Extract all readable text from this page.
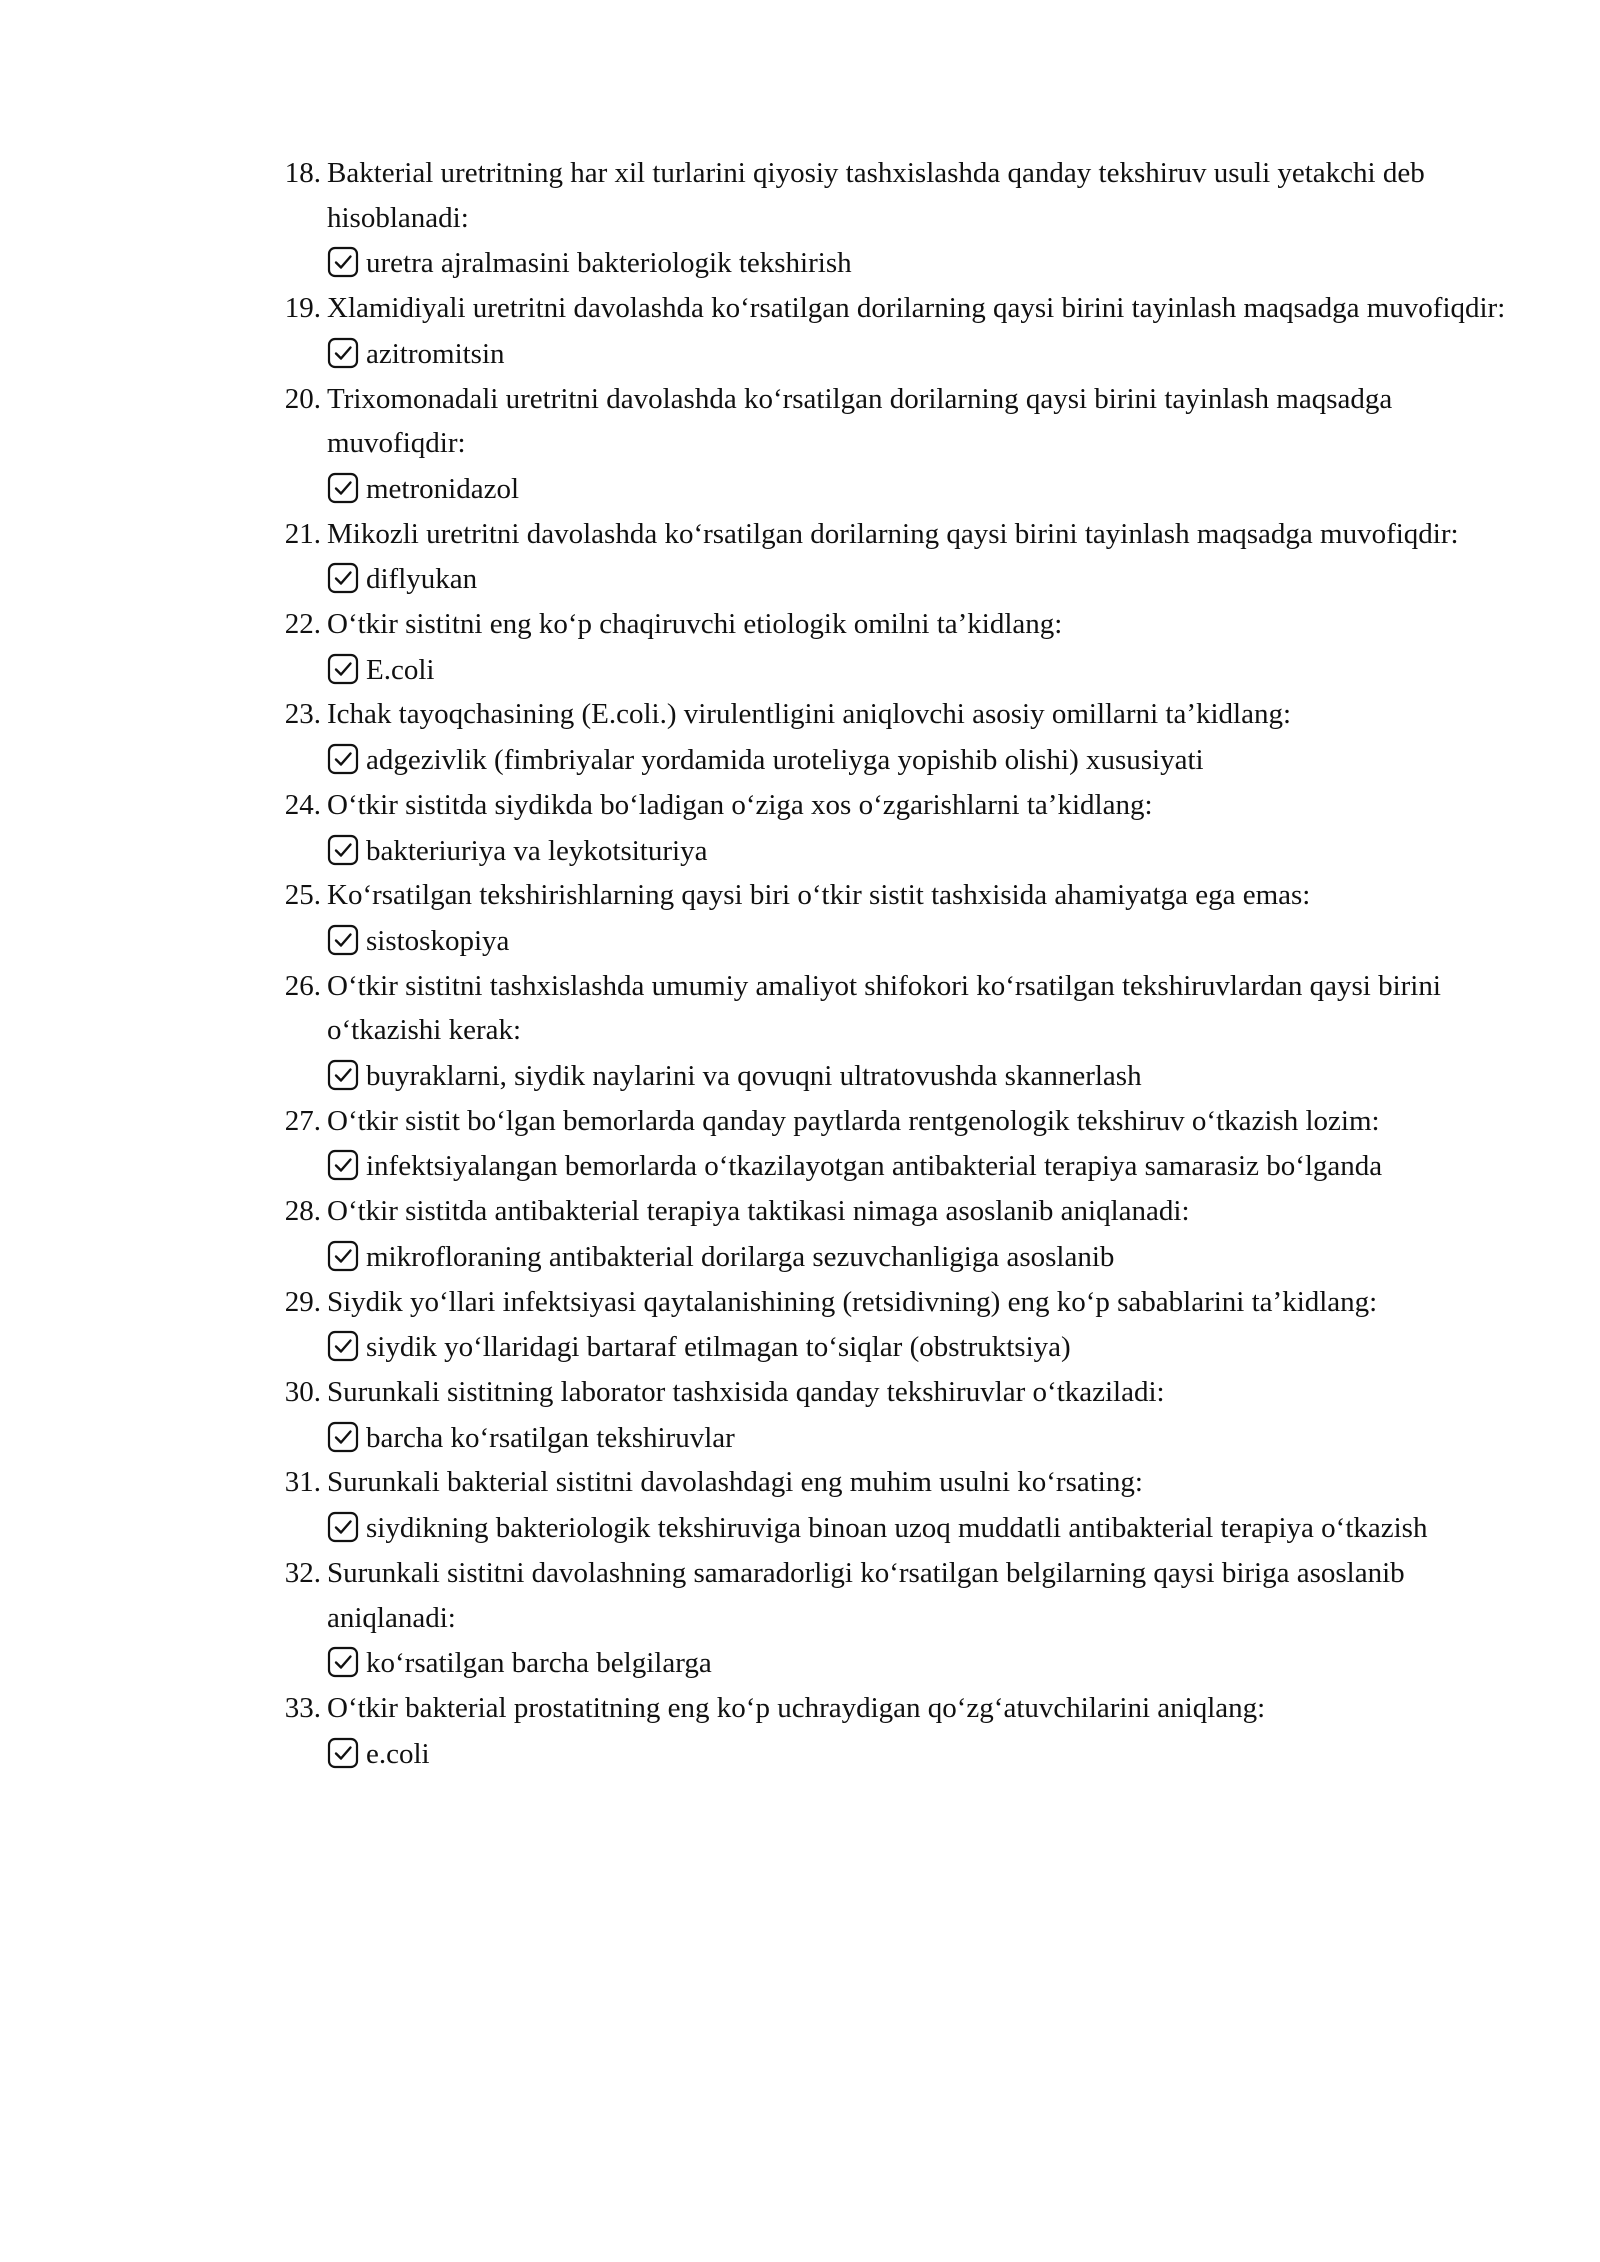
18 . Bakterial uretritning har xil turlarini qiyosiy tashxislashda qanday tekshiruv usuli yetakchi deb hisoblanadi:
uretra ajralmasini bakteriologik tekshirish
19 . Xlamidiyali uretritni davolashda ko‘rsatilgan dorilarning qaysi birini tayinlash maqsadga muvofiqdir:
azitromitsin
20 . Trixomonadali uretritni davolashda ko‘rsatilgan dorilarning qaysi birini tayinlash maqsadga muvofiqdir:
metronidazol
21 . Mikozli uretritni davolashda ko‘rsatilgan dorilarning qaysi birini tayinlash maqsadga muvofiqdir:
diflyukan
22 . O‘tkir sistitni eng ko‘p chaqiruvchi etiologik omilni ta’kidlang:
E.coli
23 . Ichak tayoqchasining (E.coli.) virulentligini aniqlovchi asosiy omillarni ta’kidlang:
adgezivlik (fimbriyalar yordamida uroteliyga yopishib olishi) xususiyati
24 . O‘tkir sistitda siydikda bo‘ladigan o‘ziga xos o‘zgarishlarni ta’kidlang:
bakteriuriya va leykotsituriya
25 . Ko‘rsatilgan tekshirishlarning qaysi biri o‘tkir sistit tashxisida ahamiyatga ega emas:
sistoskopiya
26 . O‘tkir sistitni tashxislashda umumiy amaliyot shifokori ko‘rsatilgan tekshiruvlardan qaysi birini o‘tkazishi kerak:
buyraklarni, siydik naylarini va qovuqni ultratovushda skannerlash
27 . O‘tkir sistit bo‘lgan bemorlarda qanday paytlarda rentgenologik tekshiruv o‘tkazish lozim:
infektsiyalangan bemorlarda o‘tkazilayotgan antibakterial terapiya samarasiz bo‘lganda
28 . O‘tkir sistitda antibakterial terapiya taktikasi nimaga asoslanib aniqlanadi:
mikrofloraning antibakterial dorilarga sezuvchanligiga asoslanib
29 . Siydik yo‘llari infektsiyasi qaytalanishining (retsidivning) eng ko‘p sabablarini ta’kidlang:
siydik yo‘llaridagi bartaraf etilmagan to‘siqlar (obstruktsiya)
30 . Surunkali sistitning laborator tashxisida qanday tekshiruvlar o‘tkaziladi:
barcha ko‘rsatilgan tekshiruvlar
31 . Surunkali bakterial sistitni davolashdagi eng muhim usulni ko‘rsating:
siydikning bakteriologik tekshiruviga binoan uzoq muddatli antibakterial terapiya o‘tkazish
32 . Surunkali sistitni davolashning samaradorligi ko‘rsatilgan belgilarning qaysi biriga asoslanib aniqlanadi:
ko‘rsatilgan barcha belgilarga
33 . O‘tkir bakterial prostatitning eng ko‘p uchraydigan qo‘zg‘atuvchilarini aniqlang:
e.coli
